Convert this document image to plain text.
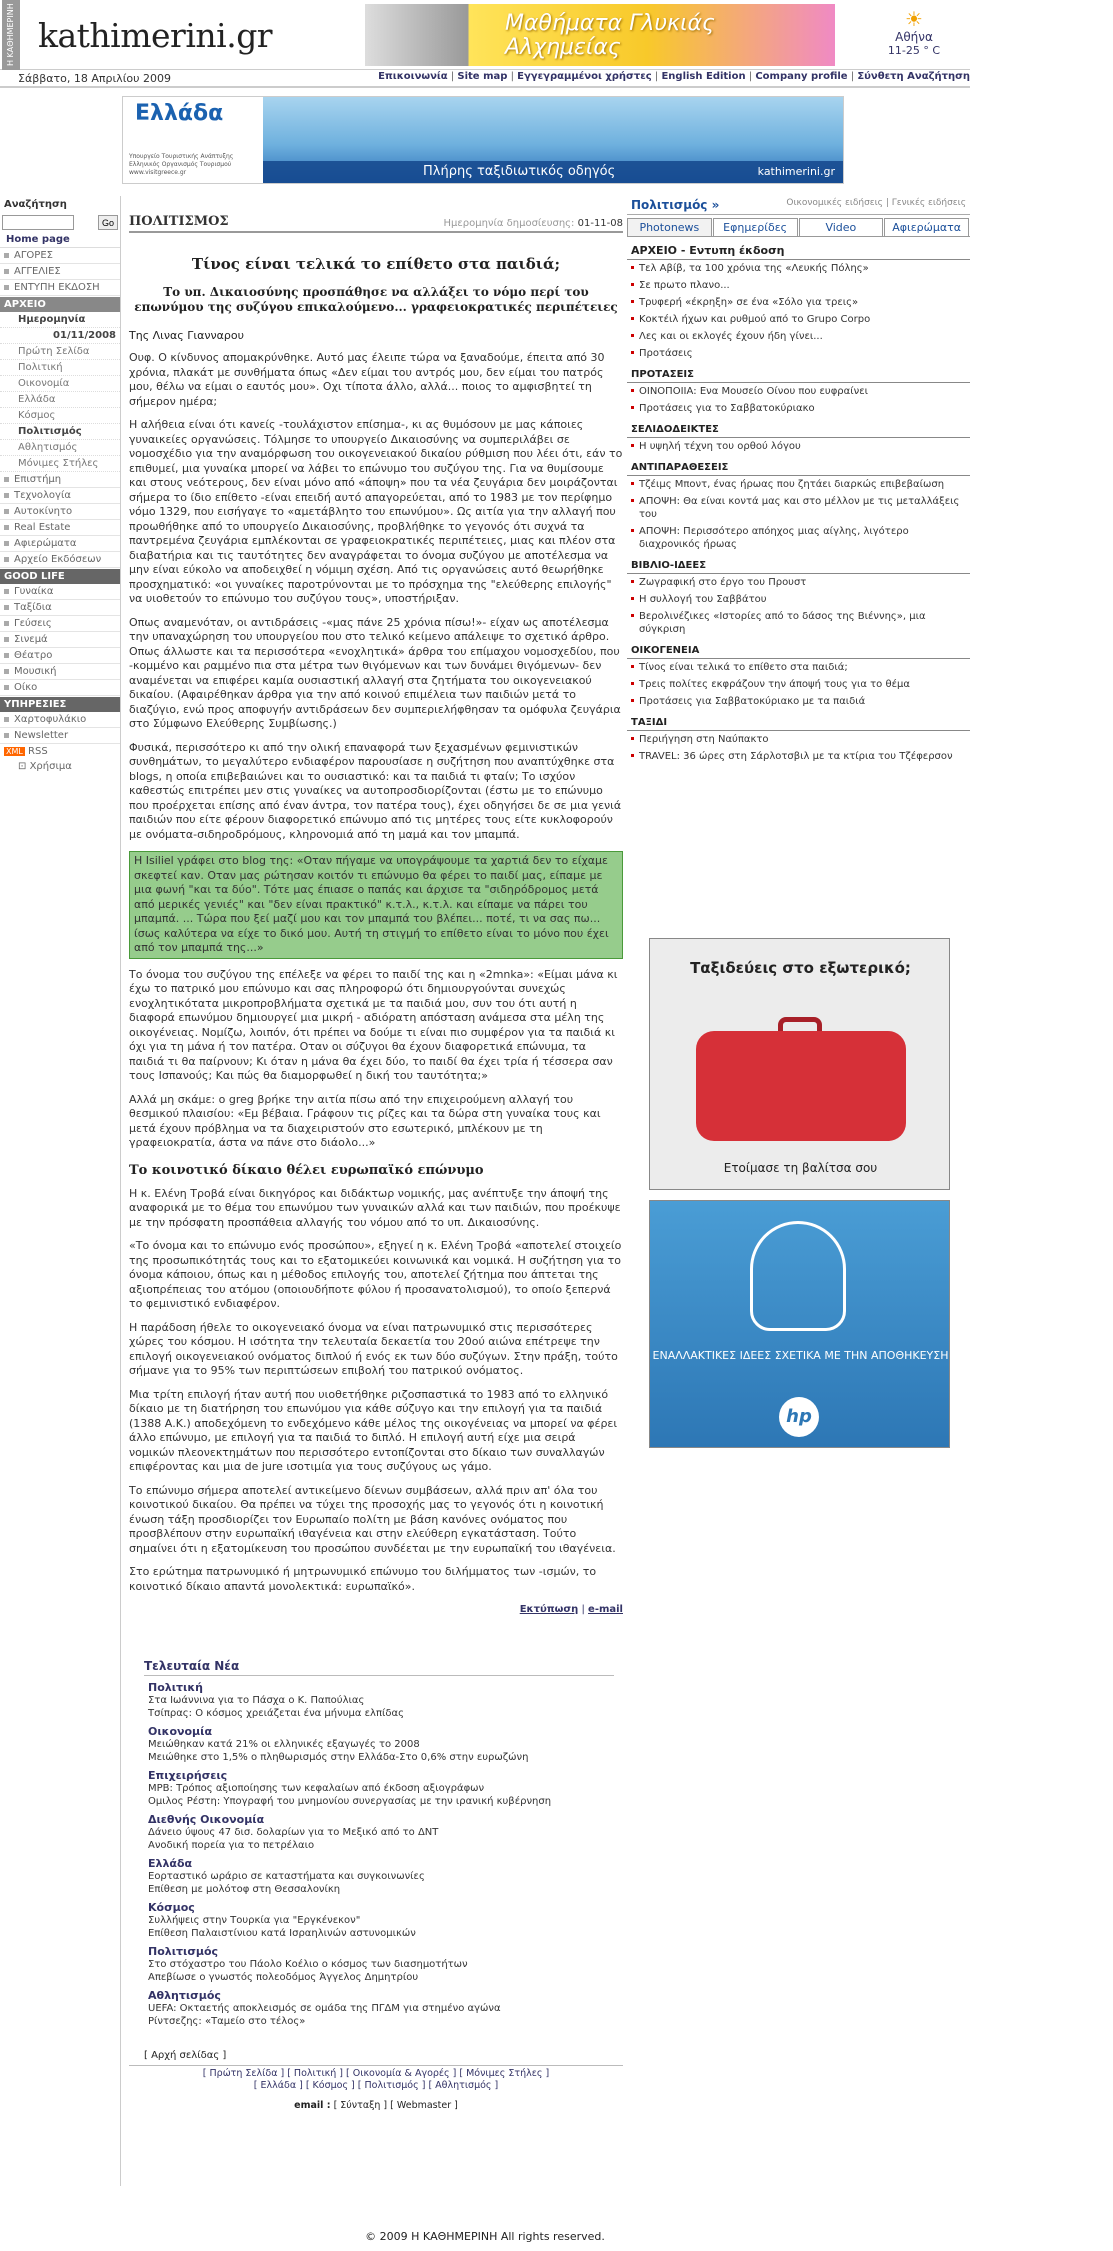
Η ΚΑΘΗΜΕΡΙΝΗ kathimerini.gr	Μαθήματα Γλυκιάς Αλχημείας
☀
Αθήνα
11-25 ° C
Σάββατο, 18 Απριλίου 2009	Επικοινωνία | Site map | Εγγεγραμμένοι χρήστες | English Edition | Company profile | Σύνθετη Αναζήτηση
Ελλάδα
Υπουργείο Τουριστικής Ανάπτυξης Ελληνικός Οργανισμός Τουρισμού www.visitgreece.gr	Πλήρης ταξιδιωτικός οδηγός	kathimerini.gr
Αναζήτηση
Go
Home page
ΑΓΟΡΕΣ
ΑΓΓΕΛΙΕΣ
ΕΝΤΥΠΗ ΕΚΔΟΣΗ
ΑΡΧΕΙΟ
Ημερομηνία
01/11/2008
Πρώτη Σελίδα
Πολιτική
Οικονομία
Ελλάδα
Κόσμος
Πολιτισμός
Αθλητισμός
Μόνιμες Στήλες
Επιστήμη
Τεχνολογία
Αυτοκίνητο
Real Estate
Αφιερώματα
Αρχείο Εκδόσεων
GOOD LIFE
Γυναίκα
Ταξίδια
Γεύσεις
Σινεμά
Θέατρο
Μουσική
Οίκο
ΥΠΗΡΕΣΙΕΣ
Χαρτοφυλάκιο
Newsletter
XML RSS
⊡ Χρήσιμα
ΠΟΛΙΤΙΣΜΟΣ	Ημερομηνία δημοσίευσης: 01-11-08
Τίνος είναι τελικά το επίθετο στα παιδιά;
Το υπ. Δικαιοσύνης προσπάθησε να αλλάξει το νόμο περί του επωνύμου της συζύγου επικαλούμενο... γραφειοκρατικές περιπέτειες
Της Λινας Γιανναρου
Ουφ. Ο κίνδυνος απομακρύνθηκε. Αυτό μας έλειπε τώρα να ξαναδούμε, έπειτα από 30 χρόνια, πλακάτ με συνθήματα όπως «Δεν είμαι του αντρός μου, δεν είμαι του πατρός μου, θέλω να είμαι ο εαυτός μου». Οχι τίποτα άλλο, αλλά... ποιος το αμφισβητεί τη σήμερον ημέρα;
Η αλήθεια είναι ότι κανείς -τουλάχιστον επίσημα-, κι ας θυμόσουν με μας κάποιες γυναικείες οργανώσεις. Τόλμησε το υπουργείο Δικαιοσύνης να συμπεριλάβει σε νομοσχέδιο για την αναμόρφωση του οικογενειακού δικαίου ρύθμιση που λέει ότι, εάν το επιθυμεί, μια γυναίκα μπορεί να λάβει το επώνυμο του συζύγου της. Για να θυμίσουμε και στους νεότερους, δεν είναι μόνο από «άποψη» που τα νέα ζευγάρια δεν μοιράζονται σήμερα το ίδιο επίθετο -είναι επειδή αυτό απαγορεύεται, από το 1983 με τον περίφημο νόμο 1329, που εισήγαγε το «αμετάβλητο του επωνύμου». Ως αιτία για την αλλαγή που προωθήθηκε από το υπουργείο Δικαιοσύνης, προβλήθηκε το γεγονός ότι συχνά τα παντρεμένα ζευγάρια εμπλέκονται σε γραφειοκρατικές περιπέτειες, μιας και πλέον στα διαβατήρια και τις ταυτότητες δεν αναγράφεται το όνομα συζύγου με αποτέλεσμα να μην είναι εύκολο να αποδειχθεί η νόμιμη σχέση. Από τις οργανώσεις αυτό θεωρήθηκε προσχηματικό: «οι γυναίκες παροτρύνονται με το πρόσχημα της "ελεύθερης επιλογής" να υιοθετούν το επώνυμο του συζύγου τους», υποστήριξαν.
Οπως αναμενόταν, οι αντιδράσεις -«μας πάνε 25 χρόνια πίσω!»- είχαν ως αποτέλεσμα την υπαναχώρηση του υπουργείου που στο τελικό κείμενο απάλειψε το σχετικό άρθρο. Οπως άλλωστε και τα περισσότερα «ενοχλητικά» άρθρα του επίμαχου νομοσχεδίου, που -κομμένο και ραμμένο πια στα μέτρα των θιγόμενων και των δυνάμει θιγόμενων- δεν αναμένεται να επιφέρει καμία ουσιαστική αλλαγή στα ζητήματα του οικογενειακού δικαίου. (Αφαιρέθηκαν άρθρα για την από κοινού επιμέλεια των παιδιών μετά το διαζύγιο, ενώ προς αποφυγήν αντιδράσεων δεν συμπεριελήφθησαν τα ομόφυλα ζευγάρια στο Σύμφωνο Ελεύθερης Συμβίωσης.)
Φυσικά, περισσότερο κι από την ολική επαναφορά των ξεχασμένων φεμινιστικών συνθημάτων, το μεγαλύτερο ενδιαφέρον παρουσίασε η συζήτηση που αναπτύχθηκε στα blogs, η οποία επιβεβαιώνει και το ουσιαστικό: και τα παιδιά τι φταίν; Το ισχύον καθεστώς επιτρέπει μεν στις γυναίκες να αυτοπροσδιορίζονται (έστω με το επώνυμο που προέρχεται επίσης από έναν άντρα, τον πατέρα τους), έχει οδηγήσει δε σε μια γενιά παιδιών που είτε φέρουν διαφορετικό επώνυμο από τις μητέρες τους είτε κυκλοφορούν με ονόματα-σιδηροδρόμους, κληρονομιά από τη μαμά και τον μπαμπά.
Η Isiliel γράφει στο blog της: «Οταν πήγαμε να υπογράψουμε τα χαρτιά δεν το είχαμε σκεφτεί καν. Οταν μας ρώτησαν κοιτόν τι επώνυμο θα φέρει το παιδί μας, είπαμε με μια φωνή "και τα δύο". Τότε μας έπιασε ο παπάς και άρχισε τα "σιδηρόδρομος μετά από μερικές γενιές" και "δεν είναι πρακτικό" κ.τ.λ., κ.τ.λ. και είπαμε να πάρει του μπαμπά. ... Τώρα που ξεί μαζί μου και τον μπαμπά του βλέπει... ποτέ, τι να σας πω... ίσως καλύτερα να είχε το δικό μου. Αυτή τη στιγμή το επίθετο είναι το μόνο που έχει από τον μπαμπά της...»
Το όνομα του συζύγου της επέλεξε να φέρει το παιδί της και η «2mnka»: «Είμαι μάνα κι έχω το πατρικό μου επώνυμο και σας πληροφορώ ότι δημιουργούνται συνεχώς ενοχλητικότατα μικροπροβλήματα σχετικά με τα παιδιά μου, συν του ότι αυτή η διαφορά επωνύμου δημιουργεί μια μικρή - αδιόρατη απόσταση ανάμεσα στα μέλη της οικογένειας. Νομίζω, λοιπόν, ότι πρέπει να δούμε τι είναι πιο συμφέρον για τα παιδιά κι όχι για τη μάνα ή τον πατέρα. Οταν οι σύζυγοι θα έχουν διαφορετικά επώνυμα, τα παιδιά τι θα παίρνουν; Κι όταν η μάνα θα έχει δύο, το παιδί θα έχει τρία ή τέσσερα σαν τους Ισπανούς; Και πώς θα διαμορφωθεί η δική του ταυτότητα;»
Αλλά μη σκάμε: ο greg βρήκε την αιτία πίσω από την επιχειρούμενη αλλαγή του θεσμικού πλαισίου: «Εμ βέβαια. Γράφουν τις ρίζες και τα δώρα στη γυναίκα τους και μετά έχουν πρόβλημα να τα διαχειριστούν στο εσωτερικό, μπλέκουν με τη γραφειοκρατία, άστα να πάνε στο διάολο...»
Το κοινοτικό δίκαιο θέλει ευρωπαϊκό επώνυμο
Η κ. Ελένη Τροβά είναι δικηγόρος και διδάκτωρ νομικής, μας ανέπτυξε την άποψή της αναφορικά με το θέμα του επωνύμου των γυναικών αλλά και των παιδιών, που προέκυψε με την πρόσφατη προσπάθεια αλλαγής του νόμου από το υπ. Δικαιοσύνης.
«Το όνομα και το επώνυμο ενός προσώπου», εξηγεί η κ. Ελένη Τροβά «αποτελεί στοιχείο της προσωπικότητάς τους και το εξατομικεύει κοινωνικά και νομικά. Η συζήτηση για το όνομα κάποιου, όπως και η μέθοδος επιλογής του, αποτελεί ζήτημα που άπτεται της αξιοπρέπειας του ατόμου (οποιουδήποτε φύλου ή προσανατολισμού), το οποίο ξεπερνά το φεμινιστικό ενδιαφέρον.
Η παράδοση ήθελε το οικογενειακό όνομα να είναι πατρωνυμικό στις περισσότερες χώρες του κόσμου. Η ισότητα την τελευταία δεκαετία του 20ού αιώνα επέτρεψε την επιλογή οικογενειακού ονόματος διπλού ή ενός εκ των δύο συζύγων. Στην πράξη, τούτο σήμανε για το 95% των περιπτώσεων επιβολή του πατρικού ονόματος.
Μια τρίτη επιλογή ήταν αυτή που υιοθετήθηκε ριζοσπαστικά το 1983 από το ελληνικό δίκαιο με τη διατήρηση του επωνύμου για κάθε σύζυγο και την επιλογή για τα παιδιά (1388 Α.Κ.) αποδεχόμενη το ενδεχόμενο κάθε μέλος της οικογένειας να μπορεί να φέρει άλλο επώνυμο, με επιλογή για τα παιδιά το διπλό. Η επιλογή αυτή είχε μια σειρά νομικών πλεονεκτημάτων που περισσότερο εντοπίζονται στο δίκαιο των συναλλαγών επιφέροντας και μια de jure ισοτιμία για τους συζύγους ως γάμο.
Το επώνυμο σήμερα αποτελεί αντικείμενο δίενων συμβάσεων, αλλά πριν απ' όλα του κοινοτικού δικαίου. Θα πρέπει να τύχει της προσοχής μας το γεγονός ότι η κοινοτική ένωση τάξη προσδιορίζει τον Ευρωπαίο πολίτη με βάση κανόνες ονόματος που προσβλέπουν στην ευρωπαϊκή ιθαγένεια και στην ελεύθερη εγκατάσταση. Τούτο σημαίνει ότι η εξατομίκευση του προσώπου συνδέεται με την ευρωπαϊκή του ιθαγένεια.
Στο ερώτημα πατρωνυμικό ή μητρωνυμικό επώνυμο του διλήμματος των -ισμών, το κοινοτικό δίκαιο απαντά μονολεκτικά: ευρωπαϊκό».
Εκτύπωση | e-mail
Τελευταία Νέα
Πολιτική
Στα Ιωάννινα για το Πάσχα ο Κ. Παπούλιας
Τσίπρας: Ο κόσμος χρειάζεται ένα μήνυμα ελπίδας
Οικονομία
Μειώθηκαν κατά 21% οι ελληνικές εξαγωγές το 2008
Μειώθηκε στο 1,5% ο πληθωρισμός στην Ελλάδα-Στο 0,6% στην ευρωζώνη
Επιχειρήσεις
MPB: Τρόπος αξιοποίησης των κεφαλαίων από έκδοση αξιογράφων
Ομιλος Ρέστη: Υπογραφή του μνημονίου συνεργασίας με την ιρανική κυβέρνηση
Διεθνής Οικονομία
Δάνειο ύψους 47 δισ. δολαρίων για το Μεξικό από το ΔΝΤ
Ανοδική πορεία για το πετρέλαιο
Ελλάδα
Εορταστικό ωράριο σε καταστήματα και συγκοινωνίες
Επίθεση με μολότοφ στη Θεσσαλονίκη
Κόσμος
Συλλήψεις στην Τουρκία για "Εργκένεκον"
Επίθεση Παλαιστίνιου κατά Ισραηλινών αστυνομικών
Πολιτισμός
Στο στόχαστρο του Πάολο Κοέλιο ο κόσμος των διασημοτήτων
Απεβίωσε ο γνωστός πολεοδόμος Άγγελος Δημητρίου
Αθλητισμός
UEFA: Οκταετής αποκλεισμός σε ομάδα της ΠΓΔΜ για στημένο αγώνα
Ρίντσεζης: «Ταμείο στο τέλος»
[ Αρχή σελίδας ]
[ Πρώτη Σελίδα ] [ Πολιτική ] [ Οικονομία & Αγορές ] [ Μόνιμες Στήλες ]
[ Ελλάδα ] [ Κόσμος ] [ Πολιτισμός ] [ Αθλητισμός ]
email : [ Σύνταξη ] [ Webmaster ]
Πολιτισμός »	Οικονομικές ειδήσεις | Γενικές ειδήσεις
Photonews	Εφημερίδες	Video	Αφιερώματα
ΑΡΧΕΙΟ - Εντυπη έκδοση
Τελ Αβίβ, τα 100 χρόνια της «Λευκής Πόλης»
Σε πρωτο πλανο...
Τρυφερή «έκρηξη» σε ένα «Σόλο για τρεις»
Κοκτέιλ ήχων και ρυθμού από το Grupo Corpo
Λες και οι εκλογές έχουν ήδη γίνει...
Προτάσεις
ΠΡΟΤΑΣΕΙΣ
ΟΙΝΟΠΟΙΙΑ: Ενα Μουσείο Οίνου που ευφραίνει
Προτάσεις για το Σαββατοκύριακο
ΣΕΛΙΔΟΔΕΙΚΤΕΣ
Η υψηλή τέχνη του ορθού λόγου
ΑΝΤΙΠΑΡΑΘΕΣΕΙΣ
Τζέιμς Μποντ, ένας ήρωας που ζητάει διαρκώς επιβεβαίωση
ΑΠΟΨΗ: Θα είναι κοντά μας και στο μέλλον με τις μεταλλάξεις του
ΑΠΟΨΗ: Περισσότερο απόηχος μιας αίγλης, λιγότερο διαχρονικός ήρωας
ΒΙΒΛΙΟ-ΙΔΕΕΣ
Ζωγραφική στο έργο του Προυστ
Η συλλογή του Σαββάτου
Βερολινέζικες «Ιστορίες από το δάσος της Βιέννης», μια σύγκριση
ΟΙΚΟΓΕΝΕΙΑ
Τίνος είναι τελικά το επίθετο στα παιδιά;
Τρεις πολίτες εκφράζουν την άποψή τους για το θέμα
Προτάσεις για Σαββατοκύριακο με τα παιδιά
ΤΑΞΙΔΙ
Περιήγηση στη Ναύπακτο
TRAVEL: 36 ώρες στη Σάρλοτσβιλ με τα κτίρια του Τζέφερσον
Ταξιδεύεις στο εξωτερικό;
Ετοίμασε τη βαλίτσα σου
ΕΝΑΛΛΑΚΤΙΚΕΣ ΙΔΕΕΣ ΣΧΕΤΙΚΑ ΜΕ ΤΗΝ ΑΠΟΘΗΚΕΥΣΗ
hp
© 2009 Η ΚΑΘΗΜΕΡΙΝΗ All rights reserved.
